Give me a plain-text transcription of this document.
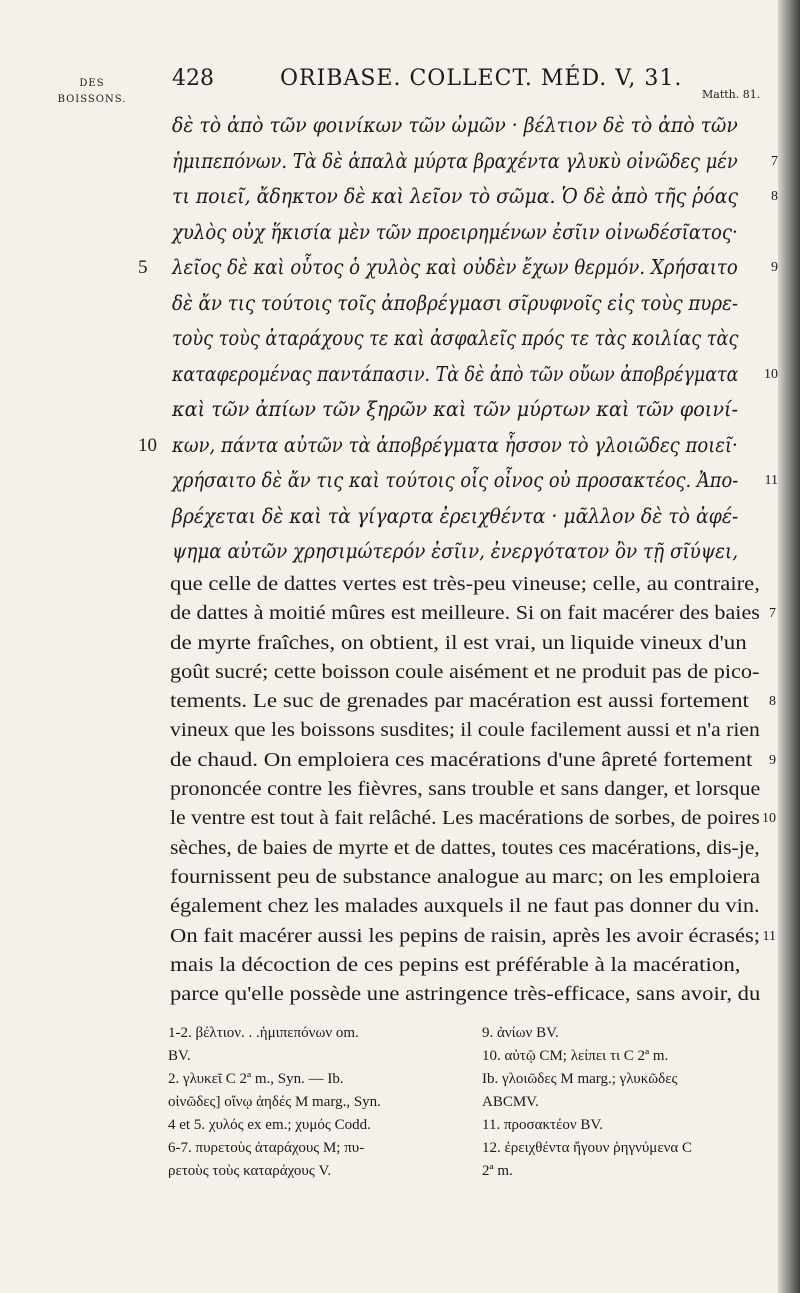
DES
BOISSONS.
428	ORIBASE. COLLECT. MÉD. V, 31.
Matth. 81.
δὲ τὸ ἀπὸ τῶν φοινίκων τῶν ὠμῶν · βέλτιον δὲ τὸ ἀπὸ τῶν
ἡμιπεπόνων. Τὰ δὲ ἁπαλὰ μύρτα βραχέντα γλυκὺ οἰνῶδες μέν 7
τι ποιεῖ, ἄδηκτον δὲ καὶ λεῖον τὸ σῶμα. Ὁ δὲ ἀπὸ τῆς ῥόας 8
χυλὸς οὐχ ἥκισία μὲν τῶν προειρημένων ἐσῖιν οἰνωδέσῖατος·
λεῖος δὲ καὶ οὗτος ὁ χυλὸς καὶ οὐδὲν ἔχων θερμόν. Χρήσαιτο
5	9
δὲ ἄν τις τούτοις τοῖς ἀποβρέγμασι σῖρυφνοῖς εἰς τοὺς πυρε-
τοὺς τοὺς ἀταράχους τε καὶ ἀσφαλεῖς πρός τε τὰς κοιλίας τὰς
καταφερομένας παντάπασιν. Τὰ δὲ ἀπὸ τῶν οὔων ἀποβρέγματα 10
καὶ τῶν ἀπίων τῶν ξηρῶν καὶ τῶν μύρτων καὶ τῶν φοινί-
κων, πάντα αὐτῶν τὰ ἀποβρέγματα ἧσσον τὸ γλοιῶδες ποιεῖ·
10
χρήσαιτο δὲ ἄν τις καὶ τούτοις οἷς οἶνος οὐ προσακτέος. Ἀπο- 11
βρέχεται δὲ καὶ τὰ γίγαρτα ἐρειχθέντα · μᾶλλον δὲ τὸ ἀφέ-
ψημα αὐτῶν χρησιμώτερόν ἐσῖιν, ἐνεργότατον ὂν τῇ σῖύψει,
que celle de dattes vertes est très-peu vineuse; celle, au contraire,
de dattes à moitié mûres est meilleure. Si on fait macérer des baies 7
de myrte fraîches, on obtient, il est vrai, un liquide vineux d'un
goût sucré; cette boisson coule aisément et ne produit pas de pico-
tements. Le suc de grenades par macération est aussi fortement 8
vineux que les boissons susdites; il coule facilement aussi et n'a rien
de chaud. On emploiera ces macérations d'une âpreté fortement 9
prononcée contre les fièvres, sans trouble et sans danger, et lorsque
le ventre est tout à fait relâché. Les macérations de sorbes, de poires 10
sèches, de baies de myrte et de dattes, toutes ces macérations, dis-je,
fournissent peu de substance analogue au marc; on les emploiera
également chez les malades auxquels il ne faut pas donner du vin.
On fait macérer aussi les pepins de raisin, après les avoir écrasés; 11
mais la décoction de ces pepins est préférable à la macération,
parce qu'elle possède une astringence très-efficace, sans avoir, du
1-2. βέλτιον. . .ἡμιπεπόνων om.
BV.
2. γλυκεῖ C 2ª m., Syn. — Ib.
οἰνῶδες] οἴνῳ ἀηδές M marg., Syn.
4 et 5. χυλός ex em.; χυμός Codd.
6-7. πυρετοὺς ἀταράχους M; πυ-
ρετοὺς τοὺς καταράχους V.
9. ἀνίων BV.
10. αὐτῷ CM; λείπει τι C 2ª m.
Ib. γλοιῶδες M marg.; γλυκῶδες
ABCMV.
11. προσακτέον BV.
12. ἐρειχθέντα ἤγουν ῥηγνύμενα C
2ª m.
